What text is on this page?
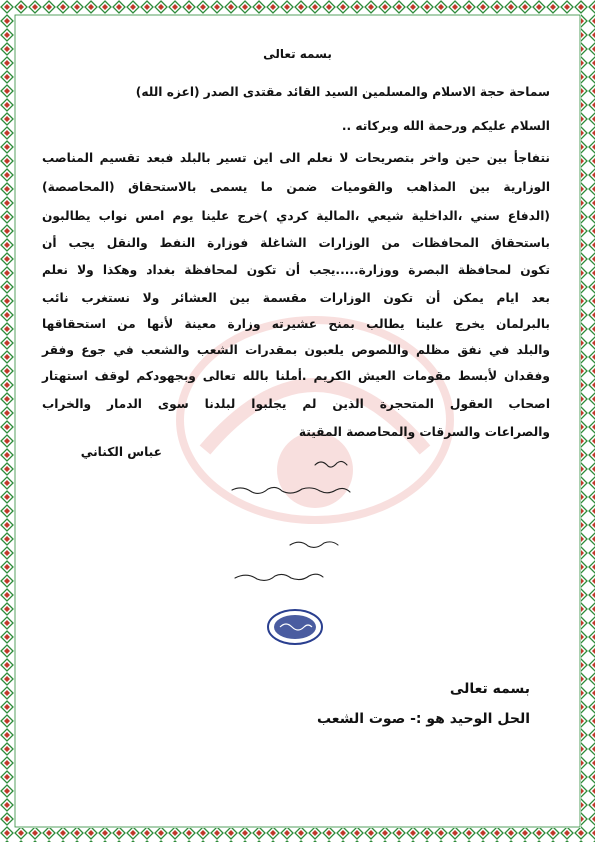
بسمه تعالى
سماحة حجة الاسلام والمسلمين السيد القائد مقتدى الصدر (اعزه الله)
السلام عليكم ورحمة الله وبركاته ..
نتفاجأ بين حين واخر بتصريحات لا نعلم الى اين تسير بالبلد فبعد تقسيم المناصب
الوزارية بين المذاهب والقوميات ضمن ما يسمى بالاستحقاق (المحاصصة)
(الدفاع سني ،الداخلية شيعي ،المالية كردي )خرج علينا يوم امس نواب يطالبون
باستحقاق المحافظات من الوزارات الشاغلة فوزارة النفط والنقل يجب أن
تكون لمحافظة البصرة ووزارة.....يجب أن تكون لمحافظة بغداد وهكذا ولا نعلم
بعد ايام يمكن أن تكون الوزارات مقسمة بين العشائر ولا نستغرب نائب
بالبرلمان يخرج علينا يطالب بمنح عشيرته وزارة معينة لأنها من استحقاقها
والبلد في نفق مظلم واللصوص يلعبون بمقدرات الشعب والشعب في جوع وفقر
وفقدان لأبسط مقومات العيش الكريم .أملنا بالله تعالى وبجهودكم لوقف استهتار
اصحاب العقول المتحجرة الذين لم يجلبوا لبلدنا سوى الدمار والخراب
والصراعات والسرقات والمحاصصة المقيتة
عباس الكناني
بسمه تعالى
الحل الوحيد هو :- صوت الشعب
